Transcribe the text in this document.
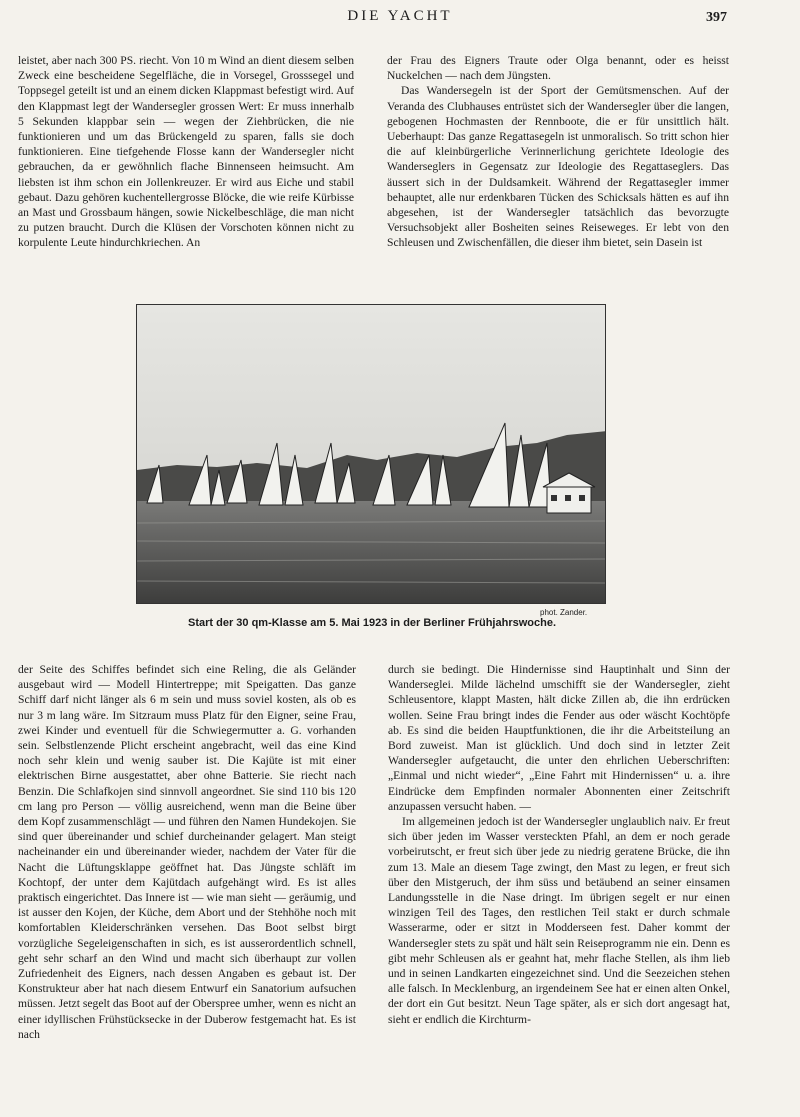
DIE YACHT	397

leistet, aber nach 300 PS. riecht. Von 10 m Wind an dient diesem selben Zweck eine bescheidene Segelfläche, die in Vorsegel, Grosssegel und Toppsegel geteilt ist und an einem dicken Klappmast befestigt wird. Auf den Klappmast legt der Wandersegler grossen Wert: Er muss innerhalb 5 Sekunden klappbar sein — wegen der Ziehbrücken, die nie funktionieren und um das Brückengeld zu sparen, falls sie doch funktionieren. Eine tiefgehende Flosse kann der Wandersegler nicht gebrauchen, da er gewöhnlich flache Binnenseen heimsucht. Am liebsten ist ihm schon ein Jollenkreuzer. Er wird aus Eiche und stabil gebaut. Dazu gehören kuchentellergrosse Blöcke, die wie reife Kürbisse an Mast und Grossbaum hängen, sowie Nickelbeschläge, die man nicht zu putzen braucht. Durch die Klüsen der Vorschoten können nicht zu korpulente Leute hindurchkriechen. An

der Frau des Eigners Traute oder Olga benannt, oder es heisst Nuckelchen — nach dem Jüngsten.

Das Wandersegeln ist der Sport der Gemütsmenschen. Auf der Veranda des Clubhauses entrüstet sich der Wandersegler über die langen, gebogenen Hochmasten der Rennboote, die er für unsittlich hält. Ueberhaupt: Das ganze Regattasegeln ist unmoralisch. So tritt schon hier die auf kleinbürgerliche Verinnerlichung gerichtete Ideologie des Wanderseglers in Gegensatz zur Ideologie des Regattaseglers. Das äussert sich in der Duldsamkeit. Während der Regattasegler immer behauptet, alle nur erdenkbaren Tücken des Schicksals hätten es auf ihn abgesehen, ist der Wandersegler tatsächlich das bevorzugte Versuchsobjekt aller Bosheiten seines Reiseweges. Er lebt von den Schleusen und Zwischenfällen, die dieser ihm bietet, sein Dasein ist

phot. Zander.
Start der 30 qm-Klasse am 5. Mai 1923 in der Berliner Frühjahrswoche.

der Seite des Schiffes befindet sich eine Reling, die als Geländer ausgebaut wird — Modell Hintertreppe; mit Speigatten. Das ganze Schiff darf nicht länger als 6 m sein und muss soviel kosten, als ob es nur 3 m lang wäre. Im Sitzraum muss Platz für den Eigner, seine Frau, zwei Kinder und eventuell für die Schwiegermutter a. G. vorhanden sein. Selbstlenzende Plicht erscheint angebracht, weil das eine Kind noch sehr klein und wenig sauber ist. Die Kajüte ist mit einer elektrischen Birne ausgestattet, aber ohne Batterie. Sie riecht nach Benzin. Die Schlafkojen sind sinnvoll angeordnet. Sie sind 110 bis 120 cm lang pro Person — völlig ausreichend, wenn man die Beine über dem Kopf zusammenschlägt — und führen den Namen Hundekojen. Sie sind quer übereinander und schief durcheinander gelagert. Man steigt nacheinander ein und übereinander wieder, nachdem der Vater für die Nacht die Lüftungsklappe geöffnet hat. Das Jüngste schläft im Kochtopf, der unter dem Kajütdach aufgehängt wird. Es ist alles praktisch eingerichtet. Das Innere ist — wie man sieht — geräumig, und ist ausser den Kojen, der Küche, dem Abort und der Stehhöhe noch mit komfortablen Kleiderschränken versehen. Das Boot selbst birgt vorzügliche Segeleigenschaften in sich, es ist ausserordentlich schnell, geht sehr scharf an den Wind und macht sich überhaupt zur vollen Zufriedenheit des Eigners, nach dessen Angaben es gebaut ist. Der Konstrukteur aber hat nach diesem Entwurf ein Sanatorium aufsuchen müssen. Jetzt segelt das Boot auf der Oberspree umher, wenn es nicht an einer idyllischen Frühstücksecke in der Duberow festgemacht hat. Es ist nach

durch sie bedingt. Die Hindernisse sind Hauptinhalt und Sinn der Wanderseglei. Milde lächelnd umschifft sie der Wandersegler, zieht Schleusentore, klappt Masten, hält dicke Zillen ab, die ihn erdrücken wollen. Seine Frau bringt indes die Fender aus oder wäscht Kochtöpfe ab. Es sind die beiden Hauptfunktionen, die ihr die Arbeitsteilung an Bord zuweist. Man ist glücklich. Und doch sind in letzter Zeit Wandersegler aufgetaucht, die unter den ehrlichen Ueberschriften: „Einmal und nicht wieder“, „Eine Fahrt mit Hindernissen“ u. a. ihre Eindrücke dem Empfinden normaler Abonnenten einer Zeitschrift anzupassen versucht haben. —

Im allgemeinen jedoch ist der Wandersegler unglaublich naiv. Er freut sich über jeden im Wasser versteckten Pfahl, an dem er noch gerade vorbeirutscht, er freut sich über jede zu niedrig geratene Brücke, die ihn zum 13. Male an diesem Tage zwingt, den Mast zu legen, er freut sich über den Mistgeruch, der ihm süss und betäubend an seiner einsamen Landungsstelle in die Nase dringt. Im übrigen segelt er nur einen winzigen Teil des Tages, den restlichen Teil stakt er durch schmale Wasserarme, oder er sitzt in Modderseen fest. Daher kommt der Wandersegler stets zu spät und hält sein Reiseprogramm nie ein. Denn es gibt mehr Schleusen als er geahnt hat, mehr flache Stellen, als ihm lieb und in seinen Landkarten eingezeichnet sind. Und die Seezeichen stehen alle falsch. In Mecklenburg, an irgendeinem See hat er einen alten Onkel, der dort ein Gut besitzt. Neun Tage später, als er sich dort angesagt hat, sieht er endlich die Kirchturm-
